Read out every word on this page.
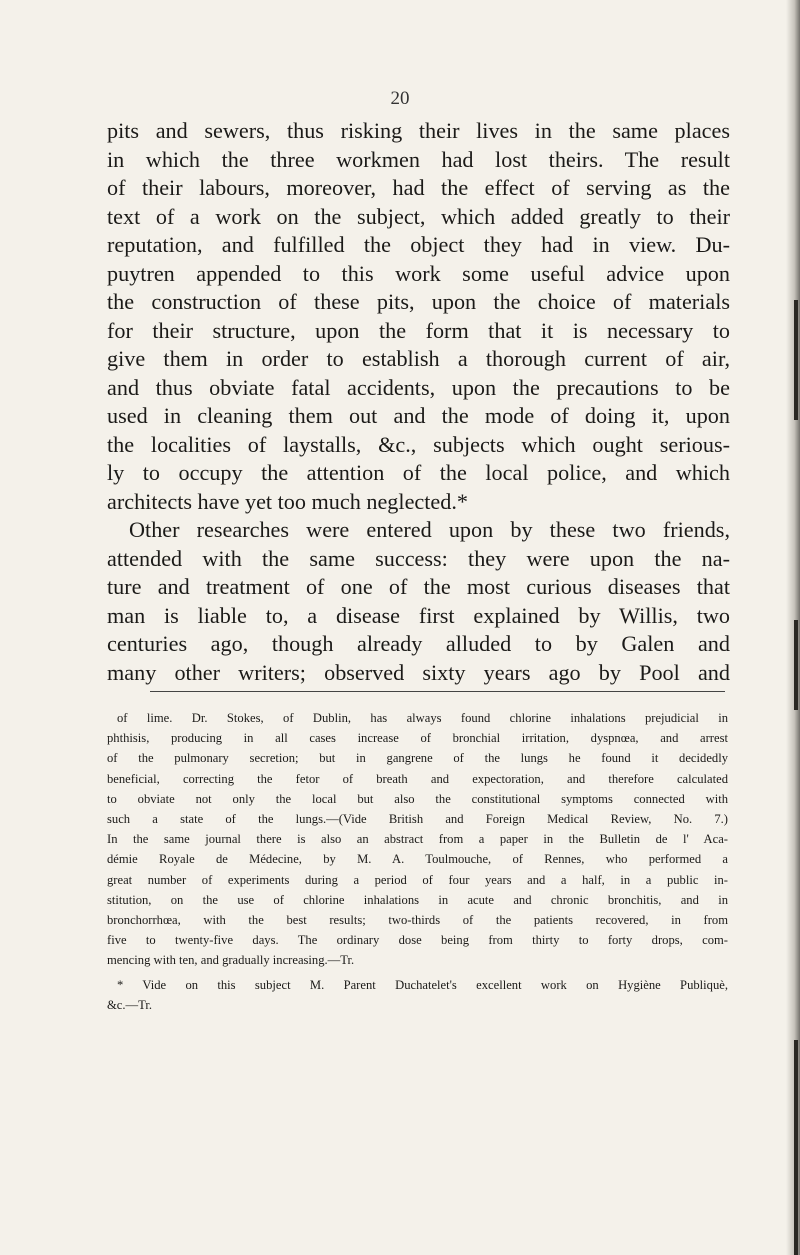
20
pits and sewers, thus risking their lives in the same places
in which the three workmen had lost theirs. The result
of their labours, moreover, had the effect of serving as the
text of a work on the subject, which added greatly to their
reputation, and fulfilled the object they had in view. Du-
puytren appended to this work some useful advice upon
the construction of these pits, upon the choice of materials
for their structure, upon the form that it is necessary to
give them in order to establish a thorough current of air,
and thus obviate fatal accidents, upon the precautions to be
used in cleaning them out and the mode of doing it, upon
the localities of laystalls, &c., subjects which ought serious-
ly to occupy the attention of the local police, and which
architects have yet too much neglected.*
Other researches were entered upon by these two friends,
attended with the same success: they were upon the na-
ture and treatment of one of the most curious diseases that
man is liable to, a disease first explained by Willis, two
centuries ago, though already alluded to by Galen and
many other writers; observed sixty years ago by Pool and
of lime. Dr. Stokes, of Dublin, has always found chlorine inhalations prejudicial in
phthisis, producing in all cases increase of bronchial irritation, dyspnœa, and arrest
of the pulmonary secretion; but in gangrene of the lungs he found it decidedly
beneficial, correcting the fetor of breath and expectoration, and therefore calculated
to obviate not only the local but also the constitutional symptoms connected with
such a state of the lungs.—(Vide British and Foreign Medical Review, No. 7.)
In the same journal there is also an abstract from a paper in the Bulletin de l' Aca-
démie Royale de Médecine, by M. A. Toulmouche, of Rennes, who performed a
great number of experiments during a period of four years and a half, in a public in-
stitution, on the use of chlorine inhalations in acute and chronic bronchitis, and in
bronchorrhœa, with the best results; two-thirds of the patients recovered, in from
five to twenty-five days. The ordinary dose being from thirty to forty drops, com-
mencing with ten, and gradually increasing.—Tr.
* Vide on this subject M. Parent Duchatelet's excellent work on Hygiène Publiquè,
&c.—Tr.
